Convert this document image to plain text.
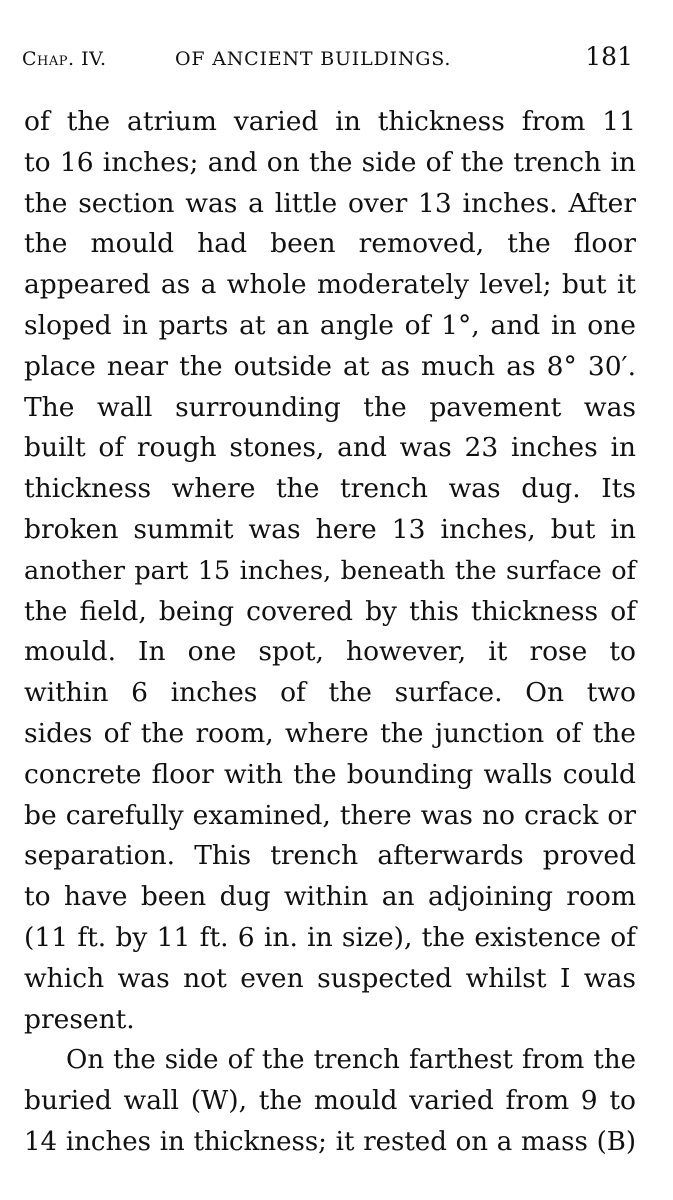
Chap. IV.	OF ANCIENT BUILDINGS.	181
of the atrium varied in thickness from 11
to 16 inches; and on the side of the trench in
the section was a little over 13 inches. After
the mould had been removed, the floor
appeared as a whole moderately level; but it
sloped in parts at an angle of 1°, and in one
place near the outside at as much as 8° 30′.
The wall surrounding the pavement was
built of rough stones, and was 23 inches in
thickness where the trench was dug. Its
broken summit was here 13 inches, but in
another part 15 inches, beneath the surface of
the field, being covered by this thickness of
mould. In one spot, however, it rose to
within 6 inches of the surface. On two
sides of the room, where the junction of the
concrete floor with the bounding walls could
be carefully examined, there was no crack or
separation. This trench afterwards proved
to have been dug within an adjoining room
(11 ft. by 11 ft. 6 in. in size), the existence of
which was not even suspected whilst I was
present.
On the side of the trench farthest from the
buried wall (W), the mould varied from 9 to
14 inches in thickness; it rested on a mass (B)
